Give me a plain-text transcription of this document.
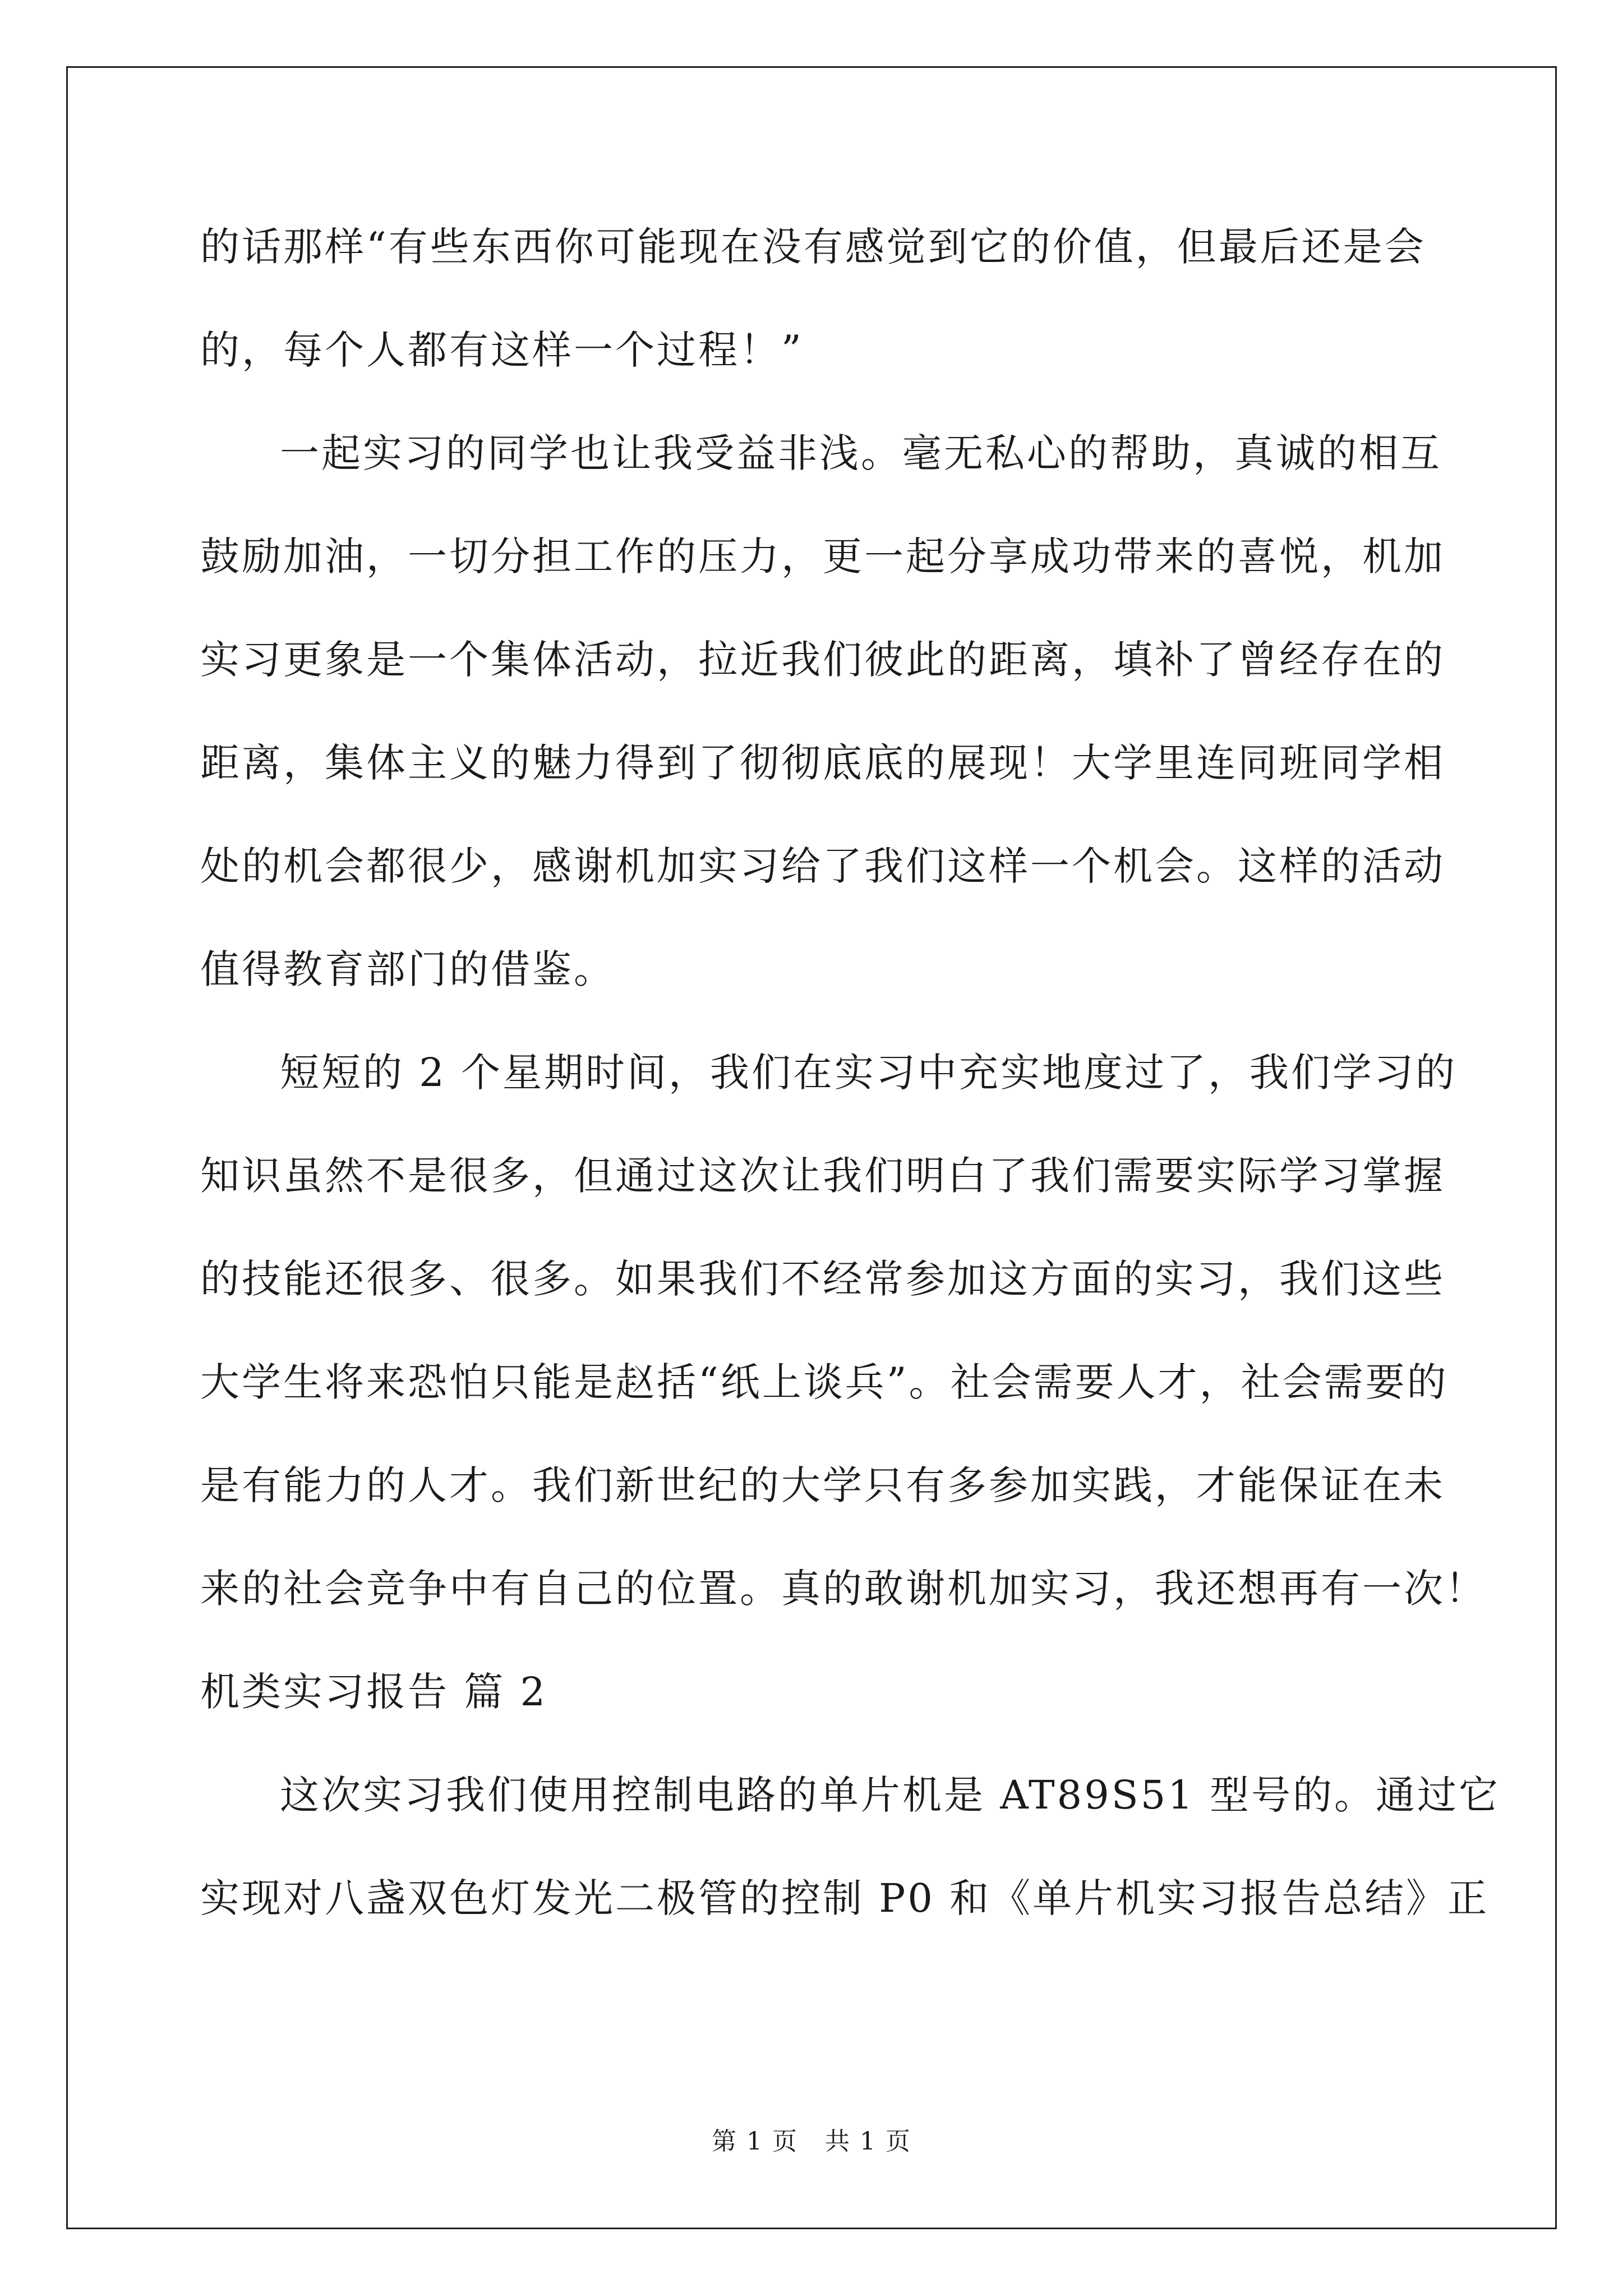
的话那样“有些东西你可能现在没有感觉到它的价值，但最后还是会
的，每个人都有这样一个过程！”
一起实习的同学也让我受益非浅。毫无私心的帮助，真诚的相互
鼓励加油，一切分担工作的压力，更一起分享成功带来的喜悦，机加
实习更象是一个集体活动，拉近我们彼此的距离，填补了曾经存在的
距离，集体主义的魅力得到了彻彻底底的展现！大学里连同班同学相
处的机会都很少，感谢机加实习给了我们这样一个机会。这样的活动
值得教育部门的借鉴。
短短的 2 个星期时间，我们在实习中充实地度过了，我们学习的
知识虽然不是很多，但通过这次让我们明白了我们需要实际学习掌握
的技能还很多、很多。如果我们不经常参加这方面的实习，我们这些
大学生将来恐怕只能是赵括“纸上谈兵”。社会需要人才，社会需要的
是有能力的人才。我们新世纪的大学只有多参加实践，才能保证在未
来的社会竞争中有自己的位置。真的敢谢机加实习，我还想再有一次！
机类实习报告 篇 2
这次实习我们使用控制电路的单片机是 AT89S51 型号的。通过它
实现对八盏双色灯发光二极管的控制 P0 和《单片机实习报告总结》正
第 1 页   共 1 页
